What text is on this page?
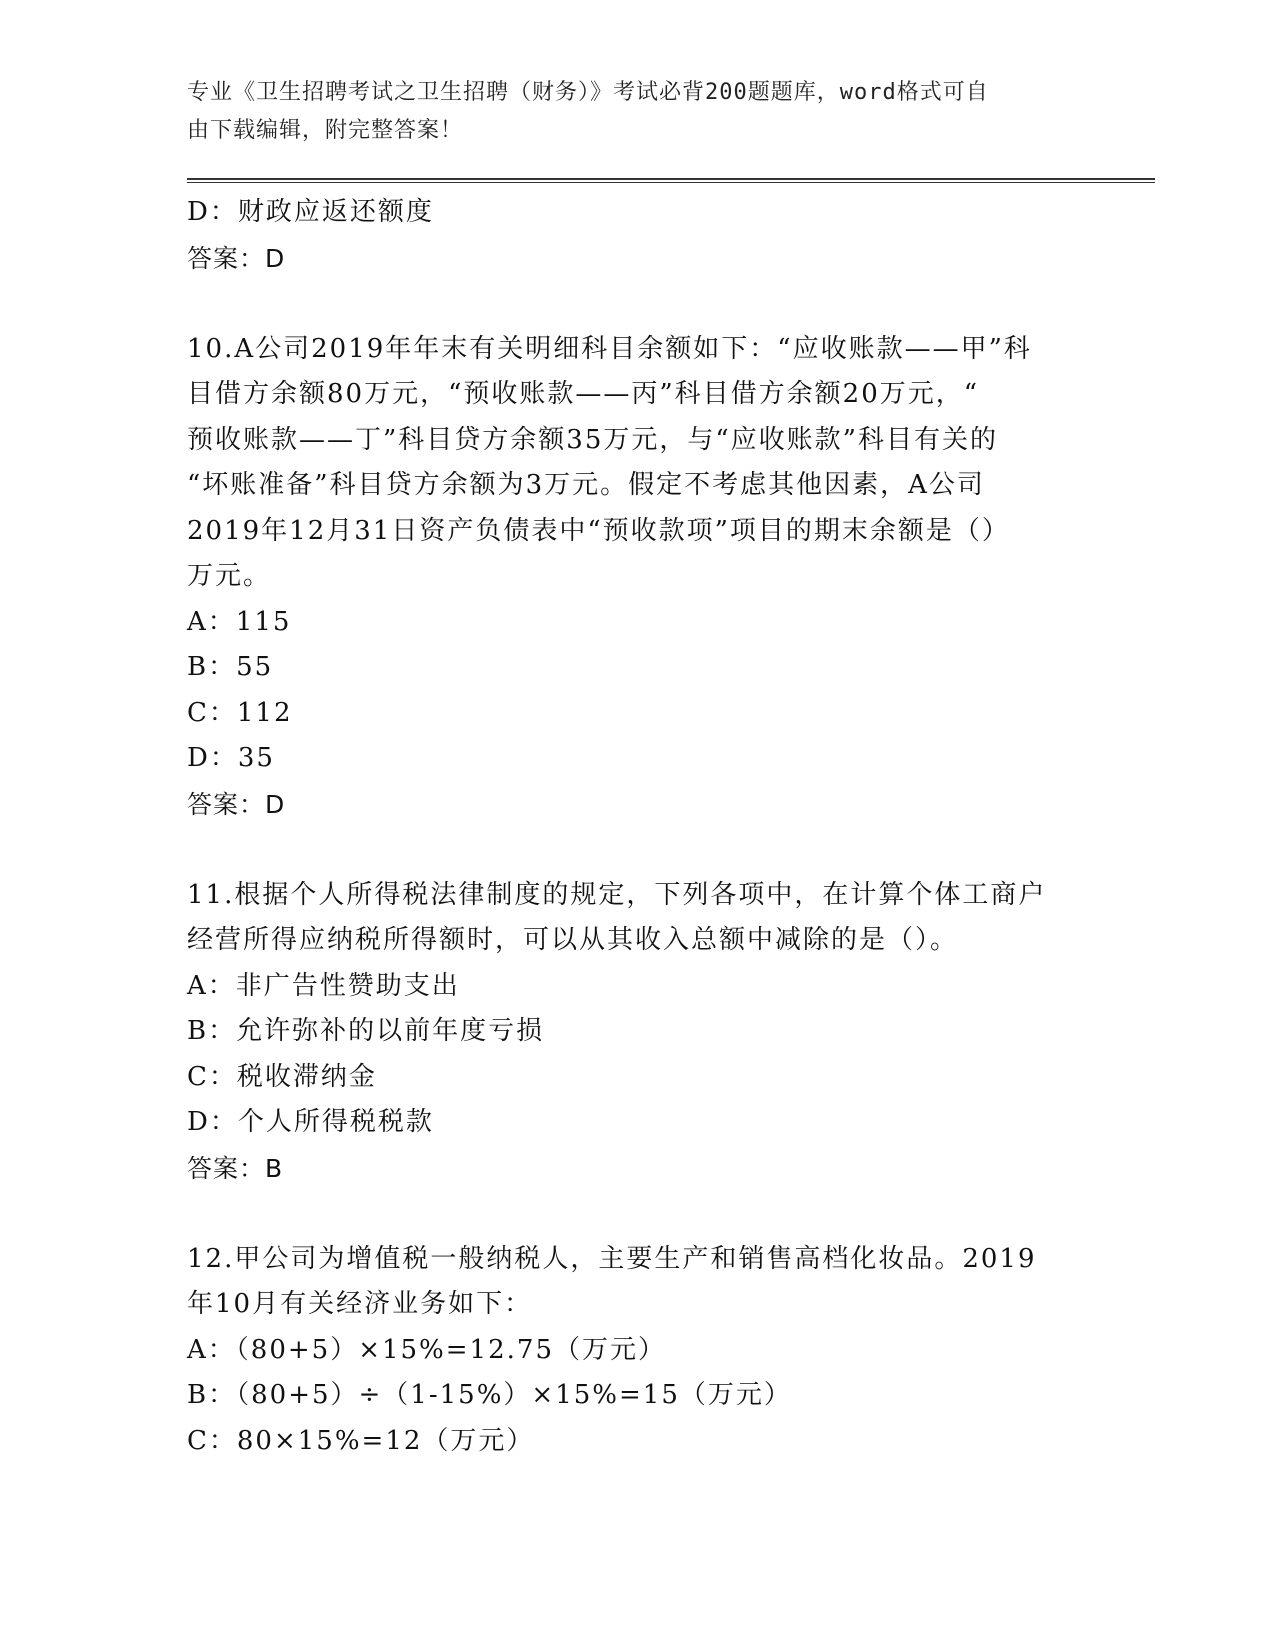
专业《卫生招聘考试之卫生招聘（财务）》考试必背200题题库，word格式可自
由下载编辑，附完整答案！
D：财政应返还额度
答案：D
10.A公司2019年年末有关明细科目余额如下：“应收账款——甲”科
目借方余额80万元，“预收账款——丙”科目借方余额20万元，“
预收账款——丁”科目贷方余额35万元，与“应收账款”科目有关的
“坏账准备”科目贷方余额为3万元。假定不考虑其他因素，A公司
2019年12月31日资产负债表中“预收款项”项目的期末余额是（）
万元。
A：115
B：55
C：112
D：35
答案：D
11.根据个人所得税法律制度的规定，下列各项中，在计算个体工商户
经营所得应纳税所得额时，可以从其收入总额中减除的是（）。
A：非广告性赞助支出
B：允许弥补的以前年度亏损
C：税收滞纳金
D：个人所得税税款
答案：B
12.甲公司为增值税一般纳税人，主要生产和销售高档化妆品。2019
年10月有关经济业务如下：
A：（80+5）×15%=12.75（万元）
B：（80+5）÷（1-15%）×15%=15（万元）
C：80×15%=12（万元）
